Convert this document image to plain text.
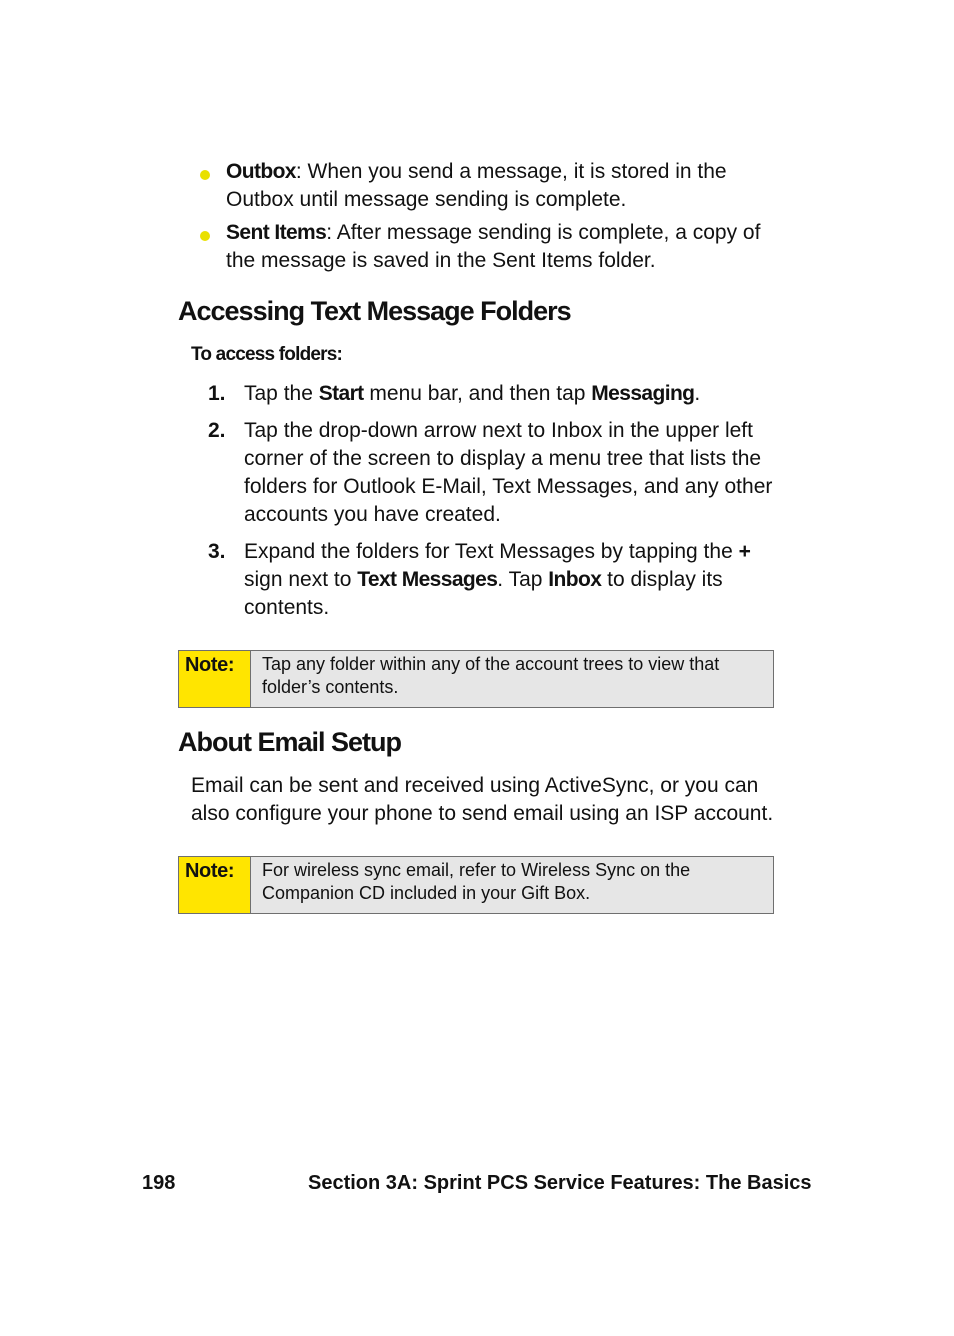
Outbox: When you send a message, it is stored in the Outbox until message sending is complete.
Sent Items: After message sending is complete, a copy of the message is saved in the Sent Items folder.
Accessing Text Message Folders

To access folders:

1. Tap the Start menu bar, and then tap Messaging.
2. Tap the drop-down arrow next to Inbox in the upper left corner of the screen to display a menu tree that lists the folders for Outlook E-Mail, Text Messages, and any other accounts you have created.
3. Expand the folders for Text Messages by tapping the + sign next to Text Messages. Tap Inbox to display its contents.
Note:	Tap any folder within any of the account trees to view that folder’s contents.
About Email Setup

Email can be sent and received using ActiveSync, or you can also configure your phone to send email using an ISP account.

Note:	For wireless sync email, refer to Wireless Sync on the Companion CD included in your Gift Box.
198	Section 3A: Sprint PCS Service Features: The Basics
